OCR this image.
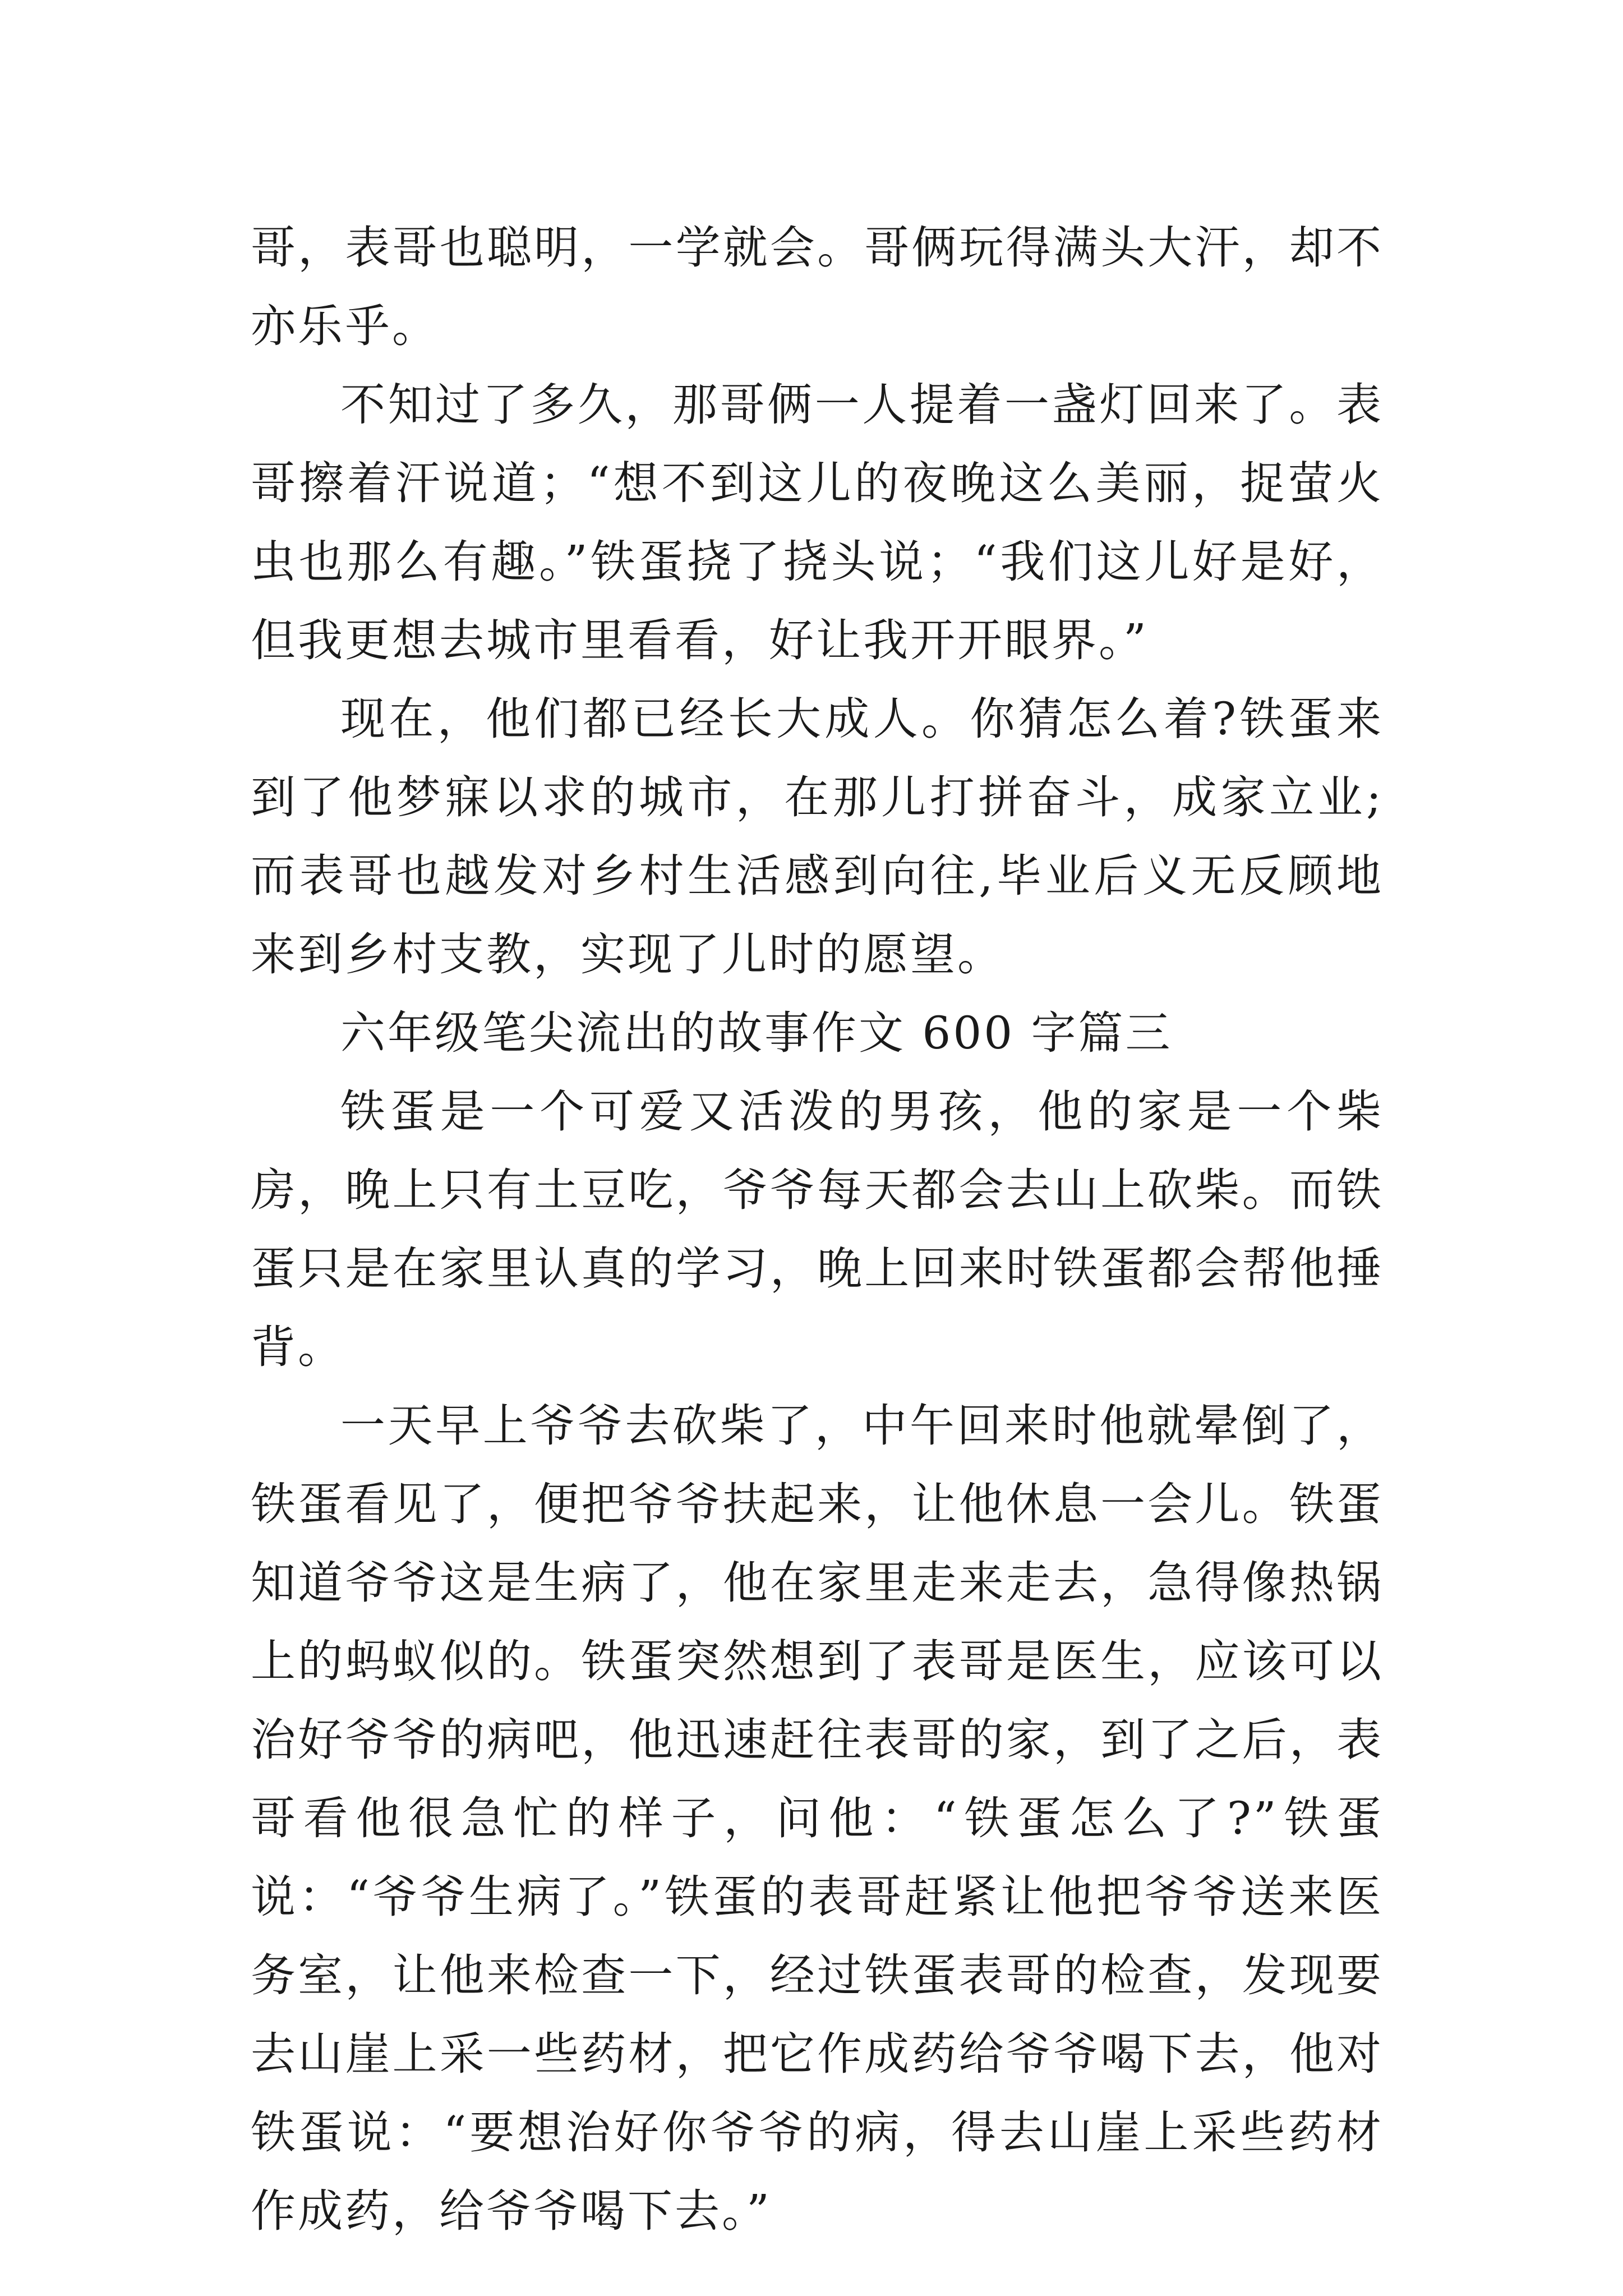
哥，表哥也聪明，一学就会。哥俩玩得满头大汗，却不亦乐乎。

不知过了多久，那哥俩一人提着一盏灯回来了。表哥擦着汗说道；“想不到这儿的夜晚这么美丽，捉萤火虫也那么有趣。”铁蛋挠了挠头说；“我们这儿好是好，但我更想去城市里看看，好让我开开眼界。”

现在，他们都已经长大成人。你猜怎么着?铁蛋来到了他梦寐以求的城市，在那儿打拼奋斗，成家立业;而表哥也越发对乡村生活感到向往,毕业后义无反顾地来到乡村支教，实现了儿时的愿望。

六年级笔尖流出的故事作文 600 字篇三

铁蛋是一个可爱又活泼的男孩，他的家是一个柴房，晚上只有土豆吃，爷爷每天都会去山上砍柴。而铁蛋只是在家里认真的学习，晚上回来时铁蛋都会帮他捶背。

一天早上爷爷去砍柴了，中午回来时他就晕倒了，铁蛋看见了，便把爷爷扶起来，让他休息一会儿。铁蛋知道爷爷这是生病了，他在家里走来走去，急得像热锅上的蚂蚁似的。铁蛋突然想到了表哥是医生，应该可以治好爷爷的病吧，他迅速赶往表哥的家，到了之后，表哥看他很急忙的样子，问他：“铁蛋怎么了?”铁蛋说：“爷爷生病了。”铁蛋的表哥赶紧让他把爷爷送来医务室，让他来检查一下，经过铁蛋表哥的检查，发现要去山崖上采一些药材，把它作成药给爷爷喝下去，他对铁蛋说：“要想治好你爷爷的病，得去山崖上采些药材作成药，给爷爷喝下去。”
